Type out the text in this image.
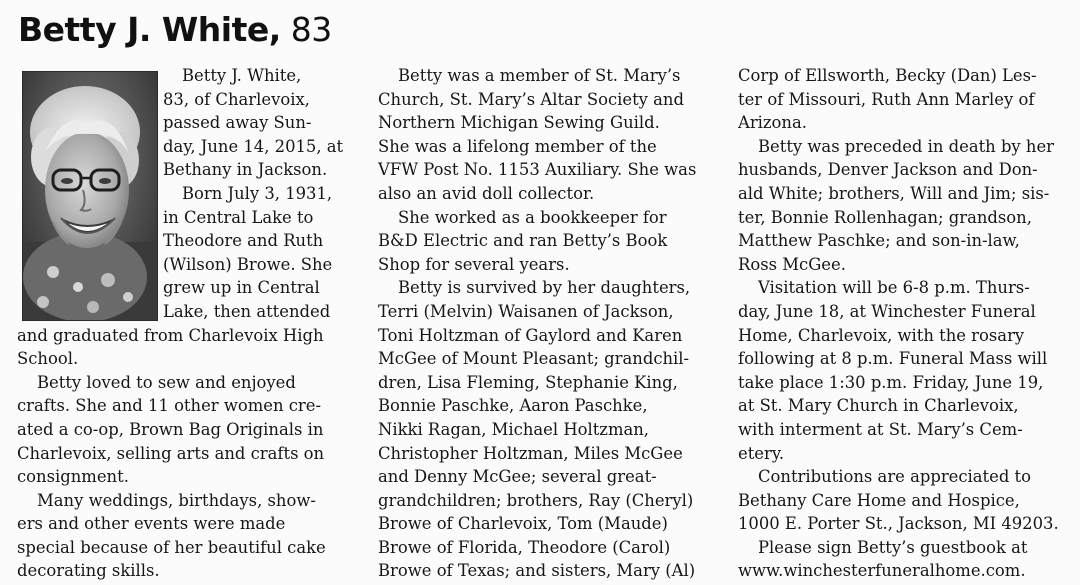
Betty J. White, 83
Betty J. White,
83, of Charlevoix,
passed away Sun-
day, June 14, 2015, at
Bethany in Jackson.
Born July 3, 1931,
in Central Lake to
Theodore and Ruth
(Wilson) Browe. She
grew up in Central
Lake, then attended
and graduated from Charlevoix High
School.
Betty loved to sew and enjoyed
crafts. She and 11 other women cre-
ated a co-op, Brown Bag Originals in
Charlevoix, selling arts and crafts on
consignment.
Many weddings, birthdays, show-
ers and other events were made
special because of her beautiful cake
decorating skills.
Betty was a member of St. Mary’s
Church, St. Mary’s Altar Society and
Northern Michigan Sewing Guild.
She was a lifelong member of the
VFW Post No. 1153 Auxiliary. She was
also an avid doll collector.
She worked as a bookkeeper for
B&D Electric and ran Betty’s Book
Shop for several years.
Betty is survived by her daughters,
Terri (Melvin) Waisanen of Jackson,
Toni Holtzman of Gaylord and Karen
McGee of Mount Pleasant; grandchil-
dren, Lisa Fleming, Stephanie King,
Bonnie Paschke, Aaron Paschke,
Nikki Ragan, Michael Holtzman,
Christopher Holtzman, Miles McGee
and Denny McGee; several great-
grandchildren; brothers, Ray (Cheryl)
Browe of Charlevoix, Tom (Maude)
Browe of Florida, Theodore (Carol)
Browe of Texas; and sisters, Mary (Al)
Corp of Ellsworth, Becky (Dan) Les-
ter of Missouri, Ruth Ann Marley of
Arizona.
Betty was preceded in death by her
husbands, Denver Jackson and Don-
ald White; brothers, Will and Jim; sis-
ter, Bonnie Rollenhagan; grandson,
Matthew Paschke; and son-in-law,
Ross McGee.
Visitation will be 6-8 p.m. Thurs-
day, June 18, at Winchester Funeral
Home, Charlevoix, with the rosary
following at 8 p.m. Funeral Mass will
take place 1:30 p.m. Friday, June 19,
at St. Mary Church in Charlevoix,
with interment at St. Mary’s Cem-
etery.
Contributions are appreciated to
Bethany Care Home and Hospice,
1000 E. Porter St., Jackson, MI 49203.
Please sign Betty’s guestbook at
www.winchesterfuneralhome.com.
